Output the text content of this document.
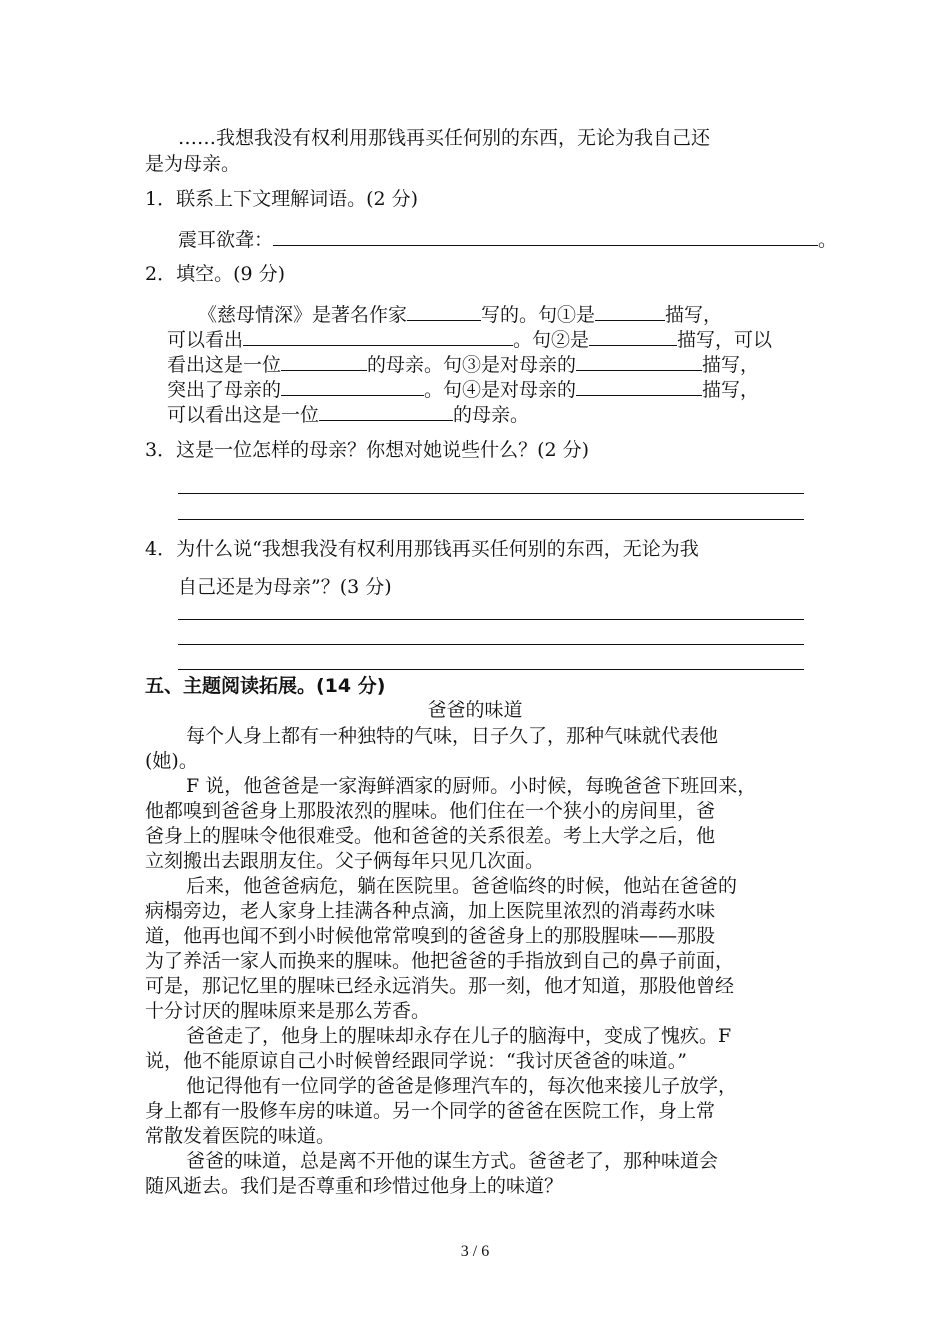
……我想我没有权利用那钱再买任何别的东西，无论为我自己还
是为母亲。
1．联系上下文理解词语。(2 分)
震耳欲聋：	。
2．填空。(9 分)
《慈母情深》是著名作家	写的。句①是	描写，
可以看出	。句②是	描写，可以
看出这是一位	的母亲。句③是对母亲的	描写，
突出了母亲的	。句④是对母亲的	描写，
可以看出这是一位	的母亲。
3．这是一位怎样的母亲？你想对她说些什么？(2 分)
4．为什么说“我想我没有权利用那钱再买任何别的东西，无论为我
自己还是为母亲”？(3 分)
五、主题阅读拓展。(14 分)
爸爸的味道
每个人身上都有一种独特的气味，日子久了，那种气味就代表他
(她)。
F 说，他爸爸是一家海鲜酒家的厨师。小时候，每晚爸爸下班回来，
他都嗅到爸爸身上那股浓烈的腥味。他们住在一个狭小的房间里，爸
爸身上的腥味令他很难受。他和爸爸的关系很差。考上大学之后，他
立刻搬出去跟朋友住。父子俩每年只见几次面。
后来，他爸爸病危，躺在医院里。爸爸临终的时候，他站在爸爸的
病榻旁边，老人家身上挂满各种点滴，加上医院里浓烈的消毒药水味
道，他再也闻不到小时候他常常嗅到的爸爸身上的那股腥味——那股
为了养活一家人而换来的腥味。他把爸爸的手指放到自己的鼻子前面，
可是，那记忆里的腥味已经永远消失。那一刻，他才知道，那股他曾经
十分讨厌的腥味原来是那么芳香。
爸爸走了，他身上的腥味却永存在儿子的脑海中，变成了愧疚。F
说，他不能原谅自己小时候曾经跟同学说：“我讨厌爸爸的味道。”
他记得他有一位同学的爸爸是修理汽车的，每次他来接儿子放学，
身上都有一股修车房的味道。另一个同学的爸爸在医院工作，身上常
常散发着医院的味道。
爸爸的味道，总是离不开他的谋生方式。爸爸老了，那种味道会
随风逝去。我们是否尊重和珍惜过他身上的味道？
3 / 6
